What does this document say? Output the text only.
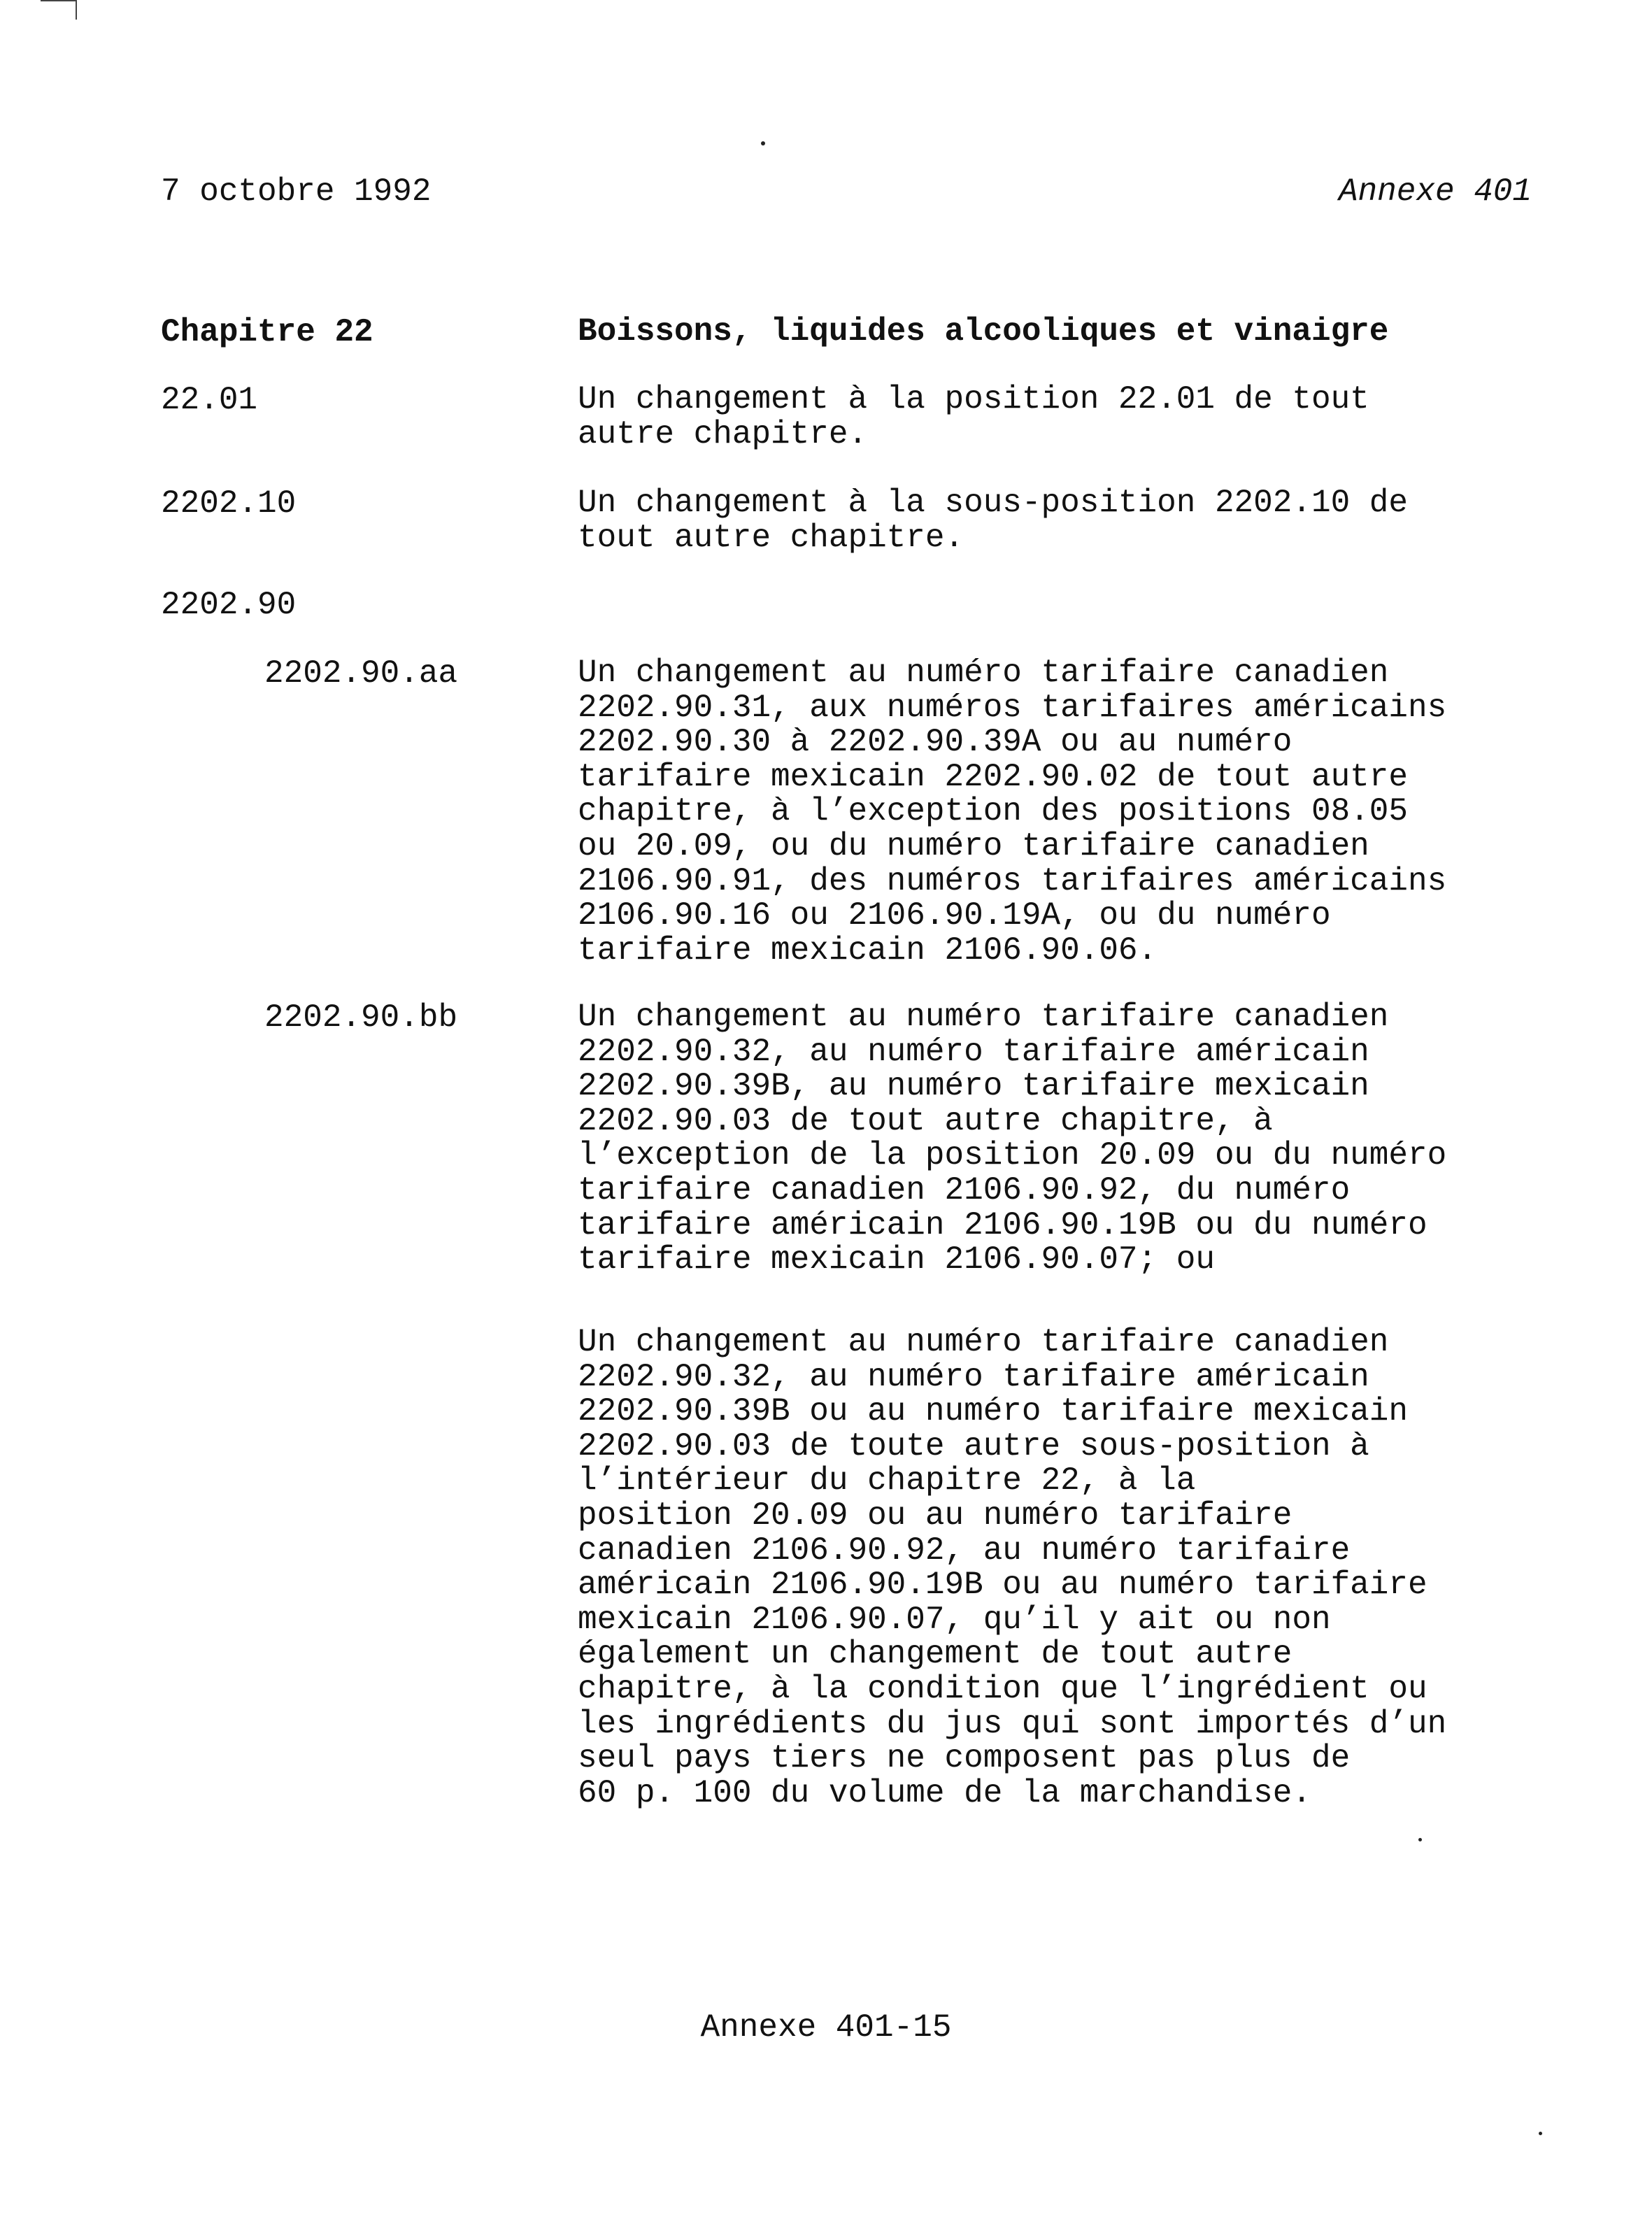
7 octobre 1992	Annexe 401
Chapitre 22	Boissons, liquides alcooliques et vinaigre
22.01	Un changement à la position 22.01 de tout
autre chapitre.
2202.10	Un changement à la sous-position 2202.10 de
tout autre chapitre.
2202.90
2202.90.aa	Un changement au numéro tarifaire canadien
2202.90.31, aux numéros tarifaires américains
2202.90.30 à 2202.90.39A ou au numéro
tarifaire mexicain 2202.90.02 de tout autre
chapitre, à l’exception des positions 08.05
ou 20.09, ou du numéro tarifaire canadien
2106.90.91, des numéros tarifaires américains
2106.90.16 ou 2106.90.19A, ou du numéro
tarifaire mexicain 2106.90.06.
2202.90.bb	Un changement au numéro tarifaire canadien
2202.90.32, au numéro tarifaire américain
2202.90.39B, au numéro tarifaire mexicain
2202.90.03 de tout autre chapitre, à
l’exception de la position 20.09 ou du numéro
tarifaire canadien 2106.90.92, du numéro
tarifaire américain 2106.90.19B ou du numéro
tarifaire mexicain 2106.90.07; ou
Un changement au numéro tarifaire canadien
2202.90.32, au numéro tarifaire américain
2202.90.39B ou au numéro tarifaire mexicain
2202.90.03 de toute autre sous-position à
l’intérieur du chapitre 22, à la
position 20.09 ou au numéro tarifaire
canadien 2106.90.92, au numéro tarifaire
américain 2106.90.19B ou au numéro tarifaire
mexicain 2106.90.07, qu’il y ait ou non
également un changement de tout autre
chapitre, à la condition que l’ingrédient ou
les ingrédients du jus qui sont importés d’un
seul pays tiers ne composent pas plus de
60 p. 100 du volume de la marchandise.
Annexe 401-15
